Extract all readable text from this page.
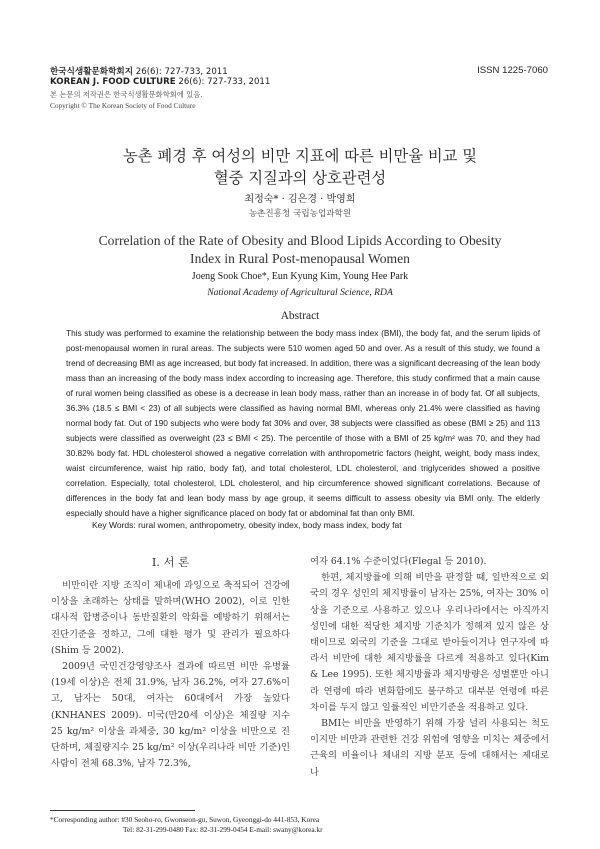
한국식생활문화학회지 26(6): 727-733, 2011
KOREAN J. FOOD CULTURE 26(6): 727-733, 2011
본 논문의 저작권은 한국식생활문화학회에 있음.
Copyright © The Korean Society of Food Culture
ISSN 1225-7060
농촌 폐경 후 여성의 비만 지표에 따른 비만율 비교 및
혈중 지질과의 상호관련성
최정숙* · 김은경 · 박영희
농촌진흥청 국립농업과학원
Correlation of the Rate of Obesity and Blood Lipids According to Obesity
Index in Rural Post-menopausal Women
Joeng Sook Choe*, Eun Kyung Kim, Young Hee Park
National Academy of Agricultural Science, RDA
Abstract
This study was performed to examine the relationship between the body mass index (BMI), the body fat, and the serum lipids of post-menopausal women in rural areas. The subjects were 510 women aged 50 and over. As a result of this study, we found a trend of decreasing BMI as age increased, but body fat increased. In addition, there was a significant decreasing of the lean body mass than an increasing of the body mass index according to increasing age. Therefore, this study confirmed that a main cause of rural women being classified as obese is a decrease in lean body mass, rather than an increase in of body fat. Of all subjects, 36.3% (18.5 ≤ BMI < 23) of all subjects were classified as having normal BMI, whereas only 21.4% were classified as having normal body fat. Out of 190 subjects who were body fat 30% and over, 38 subjects were classified as obese (BMI ≥ 25) and 113 subjects were classified as overweight (23 ≤ BMI < 25). The percentile of those with a BMI of 25 kg/m² was 70, and they had 30.82% body fat. HDL cholesterol showed a negative correlation with anthropometric factors (height, weight, body mass index, waist circumference, waist hip ratio, body fat), and total cholesterol, LDL cholesterol, and triglycerides showed a positive correlation. Especially, total cholesterol, LDL cholesterol, and hip circumference showed significant correlations. Because of differences in the body fat and lean body mass by age group, it seems difficult to assess obesity via BMI only. The elderly especially should have a higher significance placed on body fat or abdominal fat than only BMI.
Key Words: rural women, anthropometry, obesity index, body mass index, body fat
Ⅰ. 서 론

비만이란 지방 조직이 체내에 과잉으로 축적되어 건강에 이상을 초래하는 상태를 말하며(WHO 2002), 이로 인한 대사적 합병증이나 동반질환의 악화를 예방하기 위해서는 진단기준을 정하고, 그에 대한 평가 및 관리가 필요하다(Shim 등 2002).

2009년 국민건강영양조사 결과에 따르면 비만 유병률(19세 이상)은 전체 31.9%, 남자 36.2%, 여자 27.6%이고, 남자는 50대, 여자는 60대에서 가장 높았다(KNHANES 2009). 미국(만20세 이상)은 체질량 지수 25 kg/m² 이상을 과체중, 30 kg/m² 이상을 비만으로 진단하며, 체질량지수 25 kg/m² 이상(우리나라 비만 기준)인 사람이 전체 68.3%, 남자 72.3%,

여자 64.1% 수준이었다(Flegal 등 2010).

한편, 체지방률에 의해 비만을 판정할 때, 일반적으로 외국의 경우 성인의 체지방률이 남자는 25%, 여자는 30% 이상을 기준으로 사용하고 있으나 우리나라에서는 아직까지 성인에 대한 적당한 체지방 기준치가 정해져 있지 않은 상태이므로 외국의 기준을 그대로 받아들이거나 연구자에 따라서 비만에 대한 체지방률을 다르게 적용하고 있다(Kim & Lee 1995). 또한 체지방률과 체지방량은 성별뿐만 아니라 연령에 따라 변화함에도 불구하고 대부분 연령에 따른 차이를 두지 않고 일률적인 비만기준을 적용하고 있다.

BMI는 비만을 반영하기 위해 가장 널리 사용되는 척도이지만 비만과 관련한 건강 위험에 영향을 미치는 체중에서 근육의 비율이나 체내의 지방 분포 등에 대해서는 제대로 나

*Corresponding author: #30 Seoho-ro, Gwonseon-gu, Suwon, Gyeonggi-do 441-853, Korea
Tel: 82-31-299-0480 Fax: 82-31-299-0454 E-mail: swany@korea.kr
